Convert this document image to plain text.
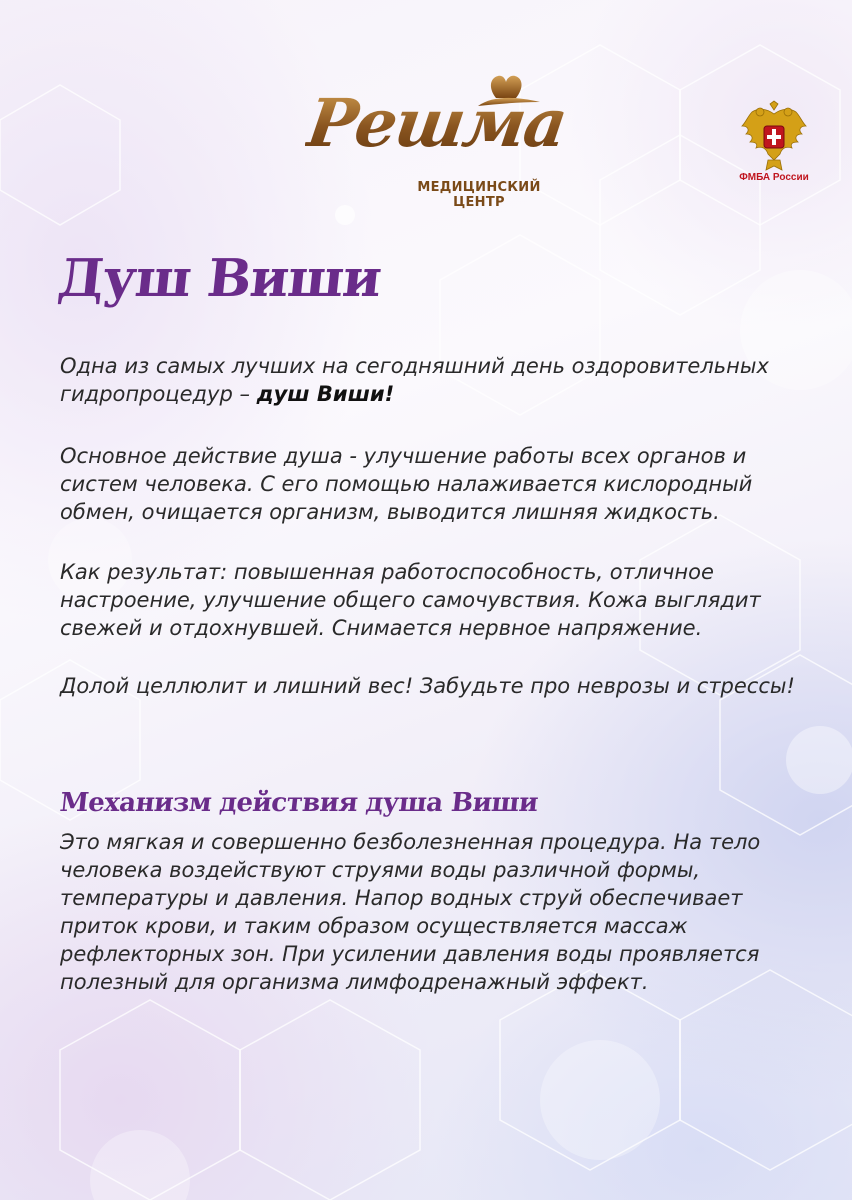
Решма
МЕДИЦИНСКИЙ
ЦЕНТР
ФМБА России
Душ Виши

Одна из самых лучших на сегодняшний день оздоровительных гидропроцедур – душ Виши!

Основное действие душа - улучшение работы всех органов и систем человека. С его помощью налаживается кислородный обмен, очищается организм, выводится лишняя жидкость.

Как результат: повышенная работоспособность, отличное настроение, улучшение общего самочувствия. Кожа выглядит свежей и отдохнувшей. Снимается нервное напряжение.

Долой целлюлит и лишний вес! Забудьте про неврозы и стрессы!

Механизм действия душа Виши

Это мягкая и совершенно безболезненная процедура. На тело человека воздействуют струями воды различной формы, температуры и давления. Напор водных струй обеспечивает приток крови, и таким образом осуществляется массаж рефлекторных зон. При усилении давления воды проявляется полезный для организма лимфодренажный эффект.
